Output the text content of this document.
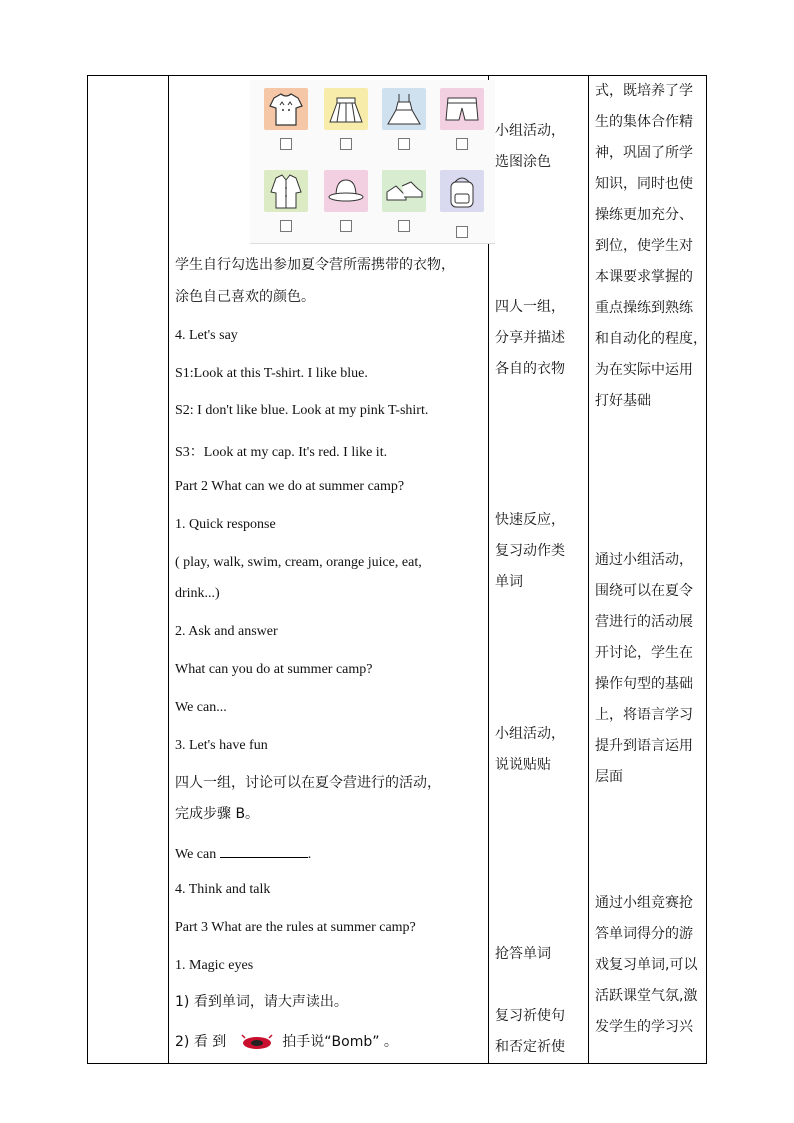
学生自行勾选出参加夏令营所需携带的衣物，
涂色自己喜欢的颜色。
4. Let's say
S1:Look at this T-shirt. I like blue.
S2: I don't like blue. Look at my pink T-shirt.
S3：Look at my cap. It's red. I like it.
Part 2 What can we do at summer camp?
1. Quick response
( play, walk, swim, cream, orange juice, eat,
drink...)
2. Ask and answer
What can you do at summer camp?
We can...
3. Let's have fun
四人一组，讨论可以在夏令营进行的活动，
完成步骤 B。
We can	.
4. Think and talk
Part 3 What are the rules at summer camp?
1. Magic eyes
1) 看到单词，请大声读出。
2) 看 到	拍手说“Bomb” 。
小组活动，
选图涂色
四人一组，
分享并描述
各自的衣物
快速反应，
复习动作类
单词
小组活动，
说说贴贴
抢答单词
复习祈使句
和否定祈使
式，既培养了学
生的集体合作精
神，巩固了所学
知识，同时也使
操练更加充分、
到位，使学生对
本课要求掌握的
重点操练到熟练
和自动化的程度，
为在实际中运用
打好基础
通过小组活动，
围绕可以在夏令
营进行的活动展
开讨论，学生在
操作句型的基础
上，将语言学习
提升到语言运用
层面
通过小组竞赛抢
答单词得分的游
戏复习单词,可以
活跃课堂气氛,激
发学生的学习兴
